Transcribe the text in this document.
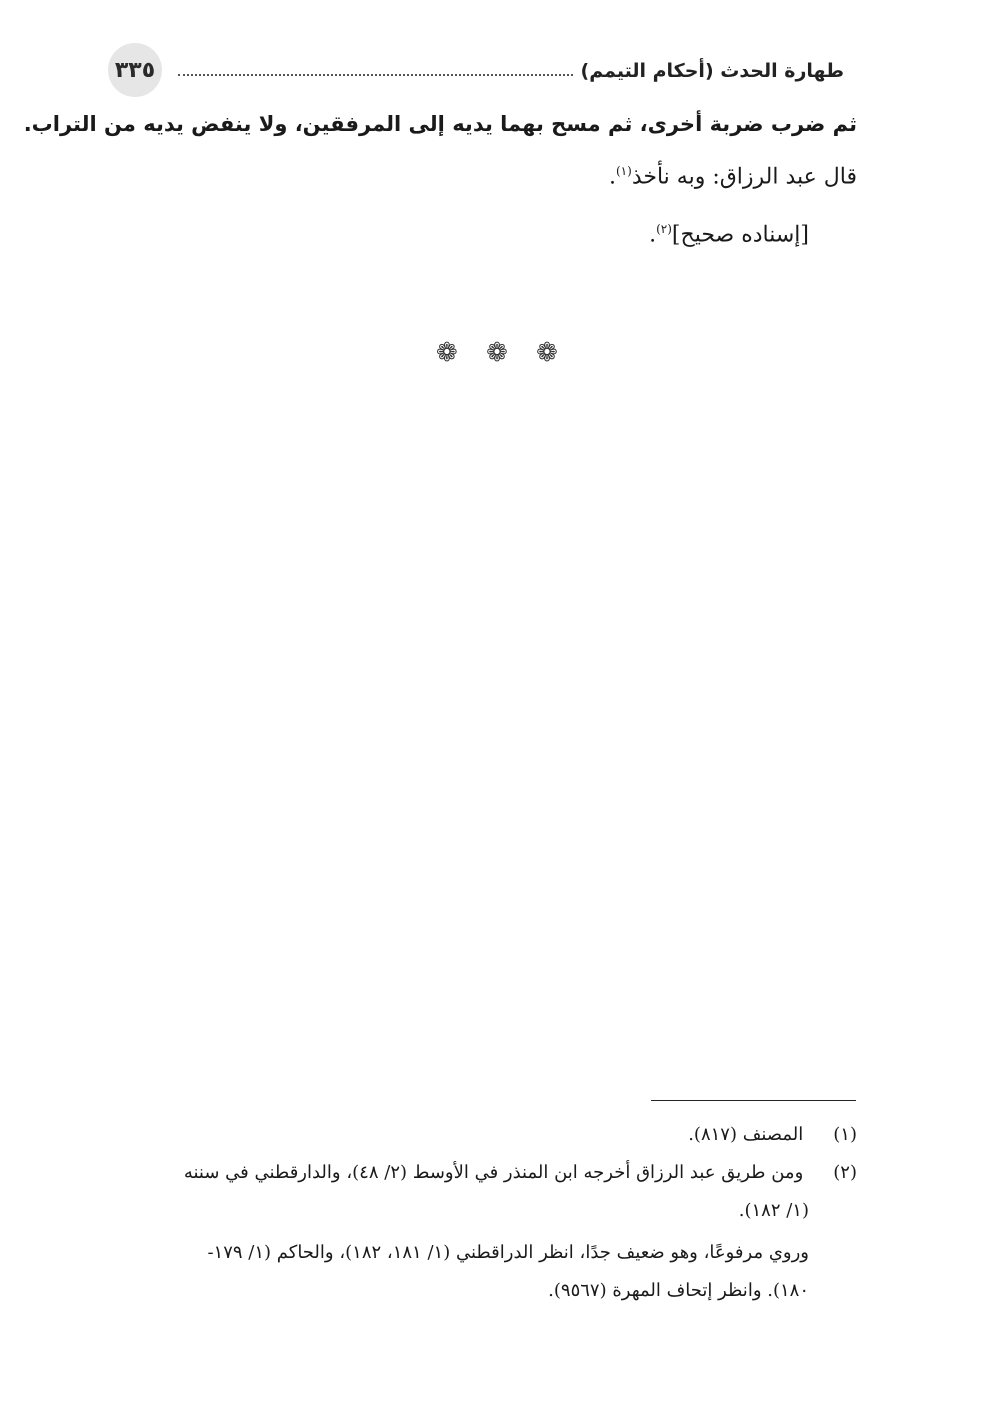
٣٣٥	طهارة الحدث (أحكام التيمم)
ثم ضرب ضربة أخرى، ثم مسح بهما يديه إلى المرفقين، ولا ينفض يديه من التراب.
قال عبد الرزاق: وبه نأخذ$^{(١)}$.
[إسناده صحيح]$^{(٢)}$.
❁ ❁ ❁
(١) المصنف (٨١٧).
(٢) ومن طريق عبد الرزاق أخرجه ابن المنذر في الأوسط (٢/ ٤٨)، والدارقطني في سننه
(١/ ١٨٢).
وروي مرفوعًا، وهو ضعيف جدًا، انظر الدراقطني (١/ ١٨١، ١٨٢)، والحاكم (١/ ١٧٩-
١٨٠). وانظر إتحاف المهرة (٩٥٦٧).
